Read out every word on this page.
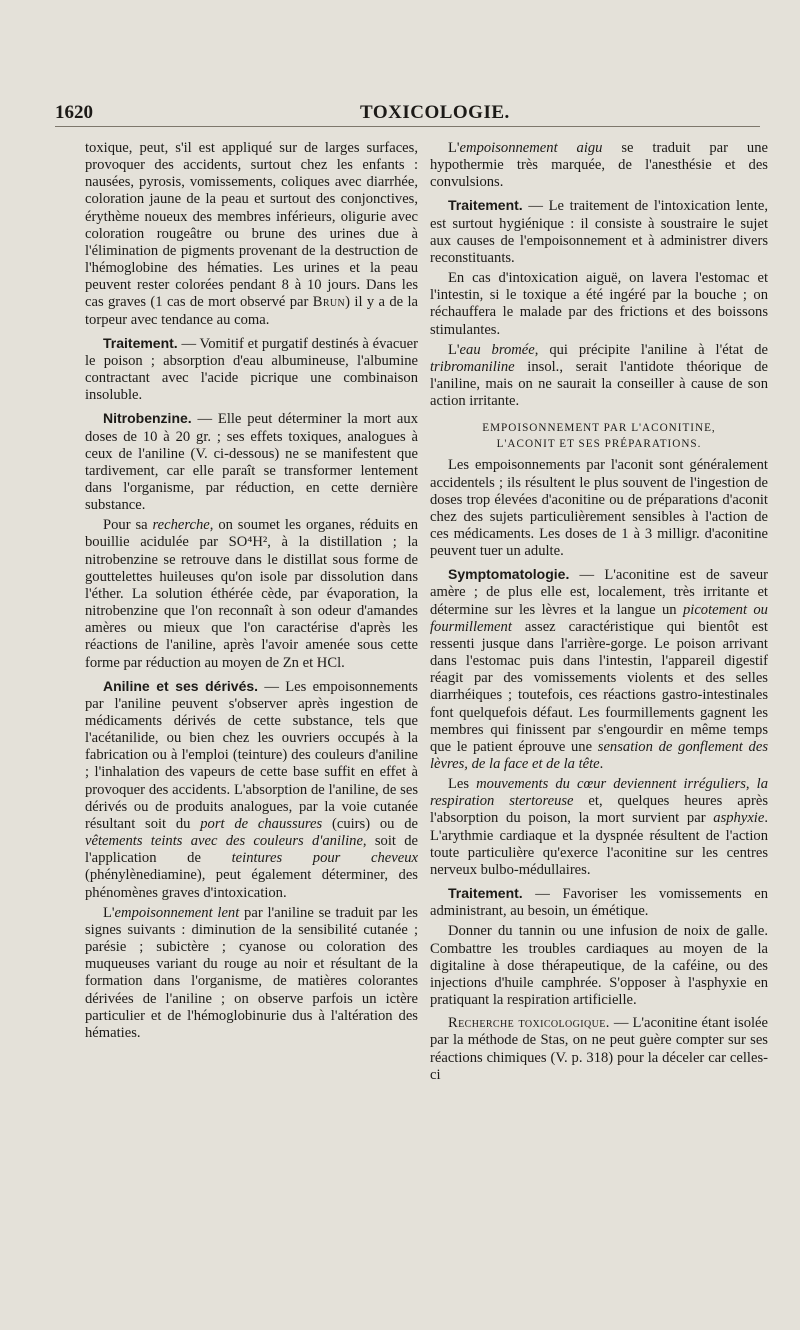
1620	TOXICOLOGIE.

toxique, peut, s'il est appliqué sur de larges surfaces, provoquer des accidents, surtout chez les enfants : nausées, pyrosis, vomissements, coliques avec diarrhée, coloration jaune de la peau et surtout des conjonctives, érythème noueux des membres inférieurs, oligurie avec coloration rougeâtre ou brune des urines due à l'élimination de pigments provenant de la destruction de l'hémoglobine des hématies. Les urines et la peau peuvent rester colorées pendant 8 à 10 jours. Dans les cas graves (1 cas de mort observé par Brun) il y a de la torpeur avec tendance au coma.

Traitement. — Vomitif et purgatif destinés à évacuer le poison ; absorption d'eau albumineuse, l'albumine contractant avec l'acide picrique une combinaison insoluble.

Nitrobenzine. — Elle peut déterminer la mort aux doses de 10 à 20 gr. ; ses effets toxiques, analogues à ceux de l'aniline (V. ci-dessous) ne se manifestent que tardivement, car elle paraît se transformer lentement dans l'organisme, par réduction, en cette dernière substance.

Pour sa recherche, on soumet les organes, réduits en bouillie acidulée par SO⁴H², à la distillation ; la nitrobenzine se retrouve dans le distillat sous forme de gouttelettes huileuses qu'on isole par dissolution dans l'éther. La solution éthérée cède, par évaporation, la nitrobenzine que l'on reconnaît à son odeur d'amandes amères ou mieux que l'on caractérise d'après les réactions de l'aniline, après l'avoir amenée sous cette forme par réduction au moyen de Zn et HCl.

Aniline et ses dérivés. — Les empoisonnements par l'aniline peuvent s'observer après ingestion de médicaments dérivés de cette substance, tels que l'acétanilide, ou bien chez les ouvriers occupés à la fabrication ou à l'emploi (teinture) des couleurs d'aniline ; l'inhalation des vapeurs de cette base suffit en effet à provoquer des accidents. L'absorption de l'aniline, de ses dérivés ou de produits analogues, par la voie cutanée résultant soit du port de chaussures (cuirs) ou de vêtements teints avec des couleurs d'aniline, soit de l'application de teintures pour cheveux (phénylènediamine), peut également déterminer, des phénomènes graves d'intoxication.

L'empoisonnement lent par l'aniline se traduit par les signes suivants : diminution de la sensibilité cutanée ; parésie ; subictère ; cyanose ou coloration des muqueuses variant du rouge au noir et résultant de la formation dans l'organisme, de matières colorantes dérivées de l'aniline ; on observe parfois un ictère particulier et de l'hémoglobinurie dus à l'altération des hématies.

L'empoisonnement aigu se traduit par une hypothermie très marquée, de l'anesthésie et des convulsions.

Traitement. — Le traitement de l'intoxication lente, est surtout hygiénique : il consiste à soustraire le sujet aux causes de l'empoisonnement et à administrer divers reconstituants.

En cas d'intoxication aiguë, on lavera l'estomac et l'intestin, si le toxique a été ingéré par la bouche ; on réchauffera le malade par des frictions et des boissons stimulantes.

L'eau bromée, qui précipite l'aniline à l'état de tribromaniline insol., serait l'antidote théorique de l'aniline, mais on ne saurait la conseiller à cause de son action irritante.

EMPOISONNEMENT PAR L'ACONITINE,
L'ACONIT ET SES PRÉPARATIONS.

Les empoisonnements par l'aconit sont généralement accidentels ; ils résultent le plus souvent de l'ingestion de doses trop élevées d'aconitine ou de préparations d'aconit chez des sujets particulièrement sensibles à l'action de ces médicaments. Les doses de 1 à 3 milligr. d'aconitine peuvent tuer un adulte.

Symptomatologie. — L'aconitine est de saveur amère ; de plus elle est, localement, très irritante et détermine sur les lèvres et la langue un picotement ou fourmillement assez caractéristique qui bientôt est ressenti jusque dans l'arrière-gorge. Le poison arrivant dans l'estomac puis dans l'intestin, l'appareil digestif réagit par des vomissements violents et des selles diarrhéiques ; toutefois, ces réactions gastro-intestinales font quelquefois défaut. Les fourmillements gagnent les membres qui finissent par s'engourdir en même temps que le patient éprouve une sensation de gonflement des lèvres, de la face et de la tête.

Les mouvements du cœur deviennent irréguliers, la respiration stertoreuse et, quelques heures après l'absorption du poison, la mort survient par asphyxie. L'arythmie cardiaque et la dyspnée résultent de l'action toute particulière qu'exerce l'aconitine sur les centres nerveux bulbo-médullaires.

Traitement. — Favoriser les vomissements en administrant, au besoin, un émétique.

Donner du tannin ou une infusion de noix de galle. Combattre les troubles cardiaques au moyen de la digitaline à dose thérapeutique, de la caféine, ou des injections d'huile camphrée. S'opposer à l'asphyxie en pratiquant la respiration artificielle.

Recherche toxicologique. — L'aconitine étant isolée par la méthode de Stas, on ne peut guère compter sur ses réactions chimiques (V. p. 318) pour la déceler car celles-ci
